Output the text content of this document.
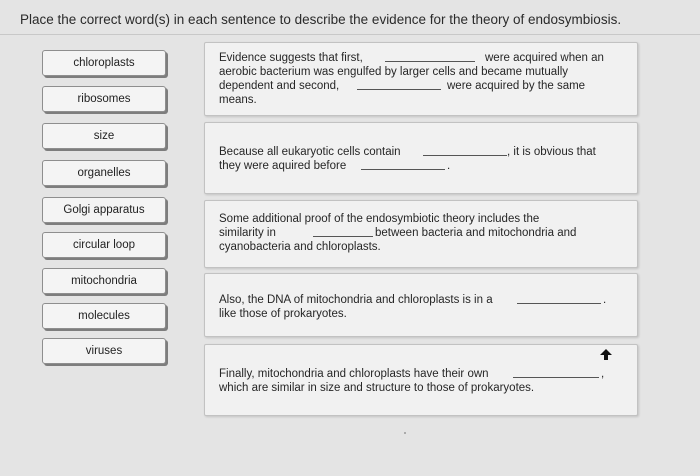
Place the correct word(s) in each sentence to describe the evidence for the theory of endosymbiosis.
chloroplasts
ribosomes
size
organelles
Golgi apparatus
circular loop
mitochondria
molecules
viruses
Evidence suggests that first,	were acquired when an
aerobic bacterium was engulfed by larger cells and became mutually
dependent and second,	were acquired by the same
means.
Because all eukaryotic cells contain	, it is obvious that
they were aquired before	.
Some additional proof of the endosymbiotic theory includes the
similarity in	between bacteria and mitochondria and
cyanobacteria and chloroplasts.
Also, the DNA of mitochondria and chloroplasts is in a	.
like those of prokaryotes.
Finally, mitochondria and chloroplasts have their own	,
which are similar in size and structure to those of prokaryotes.
